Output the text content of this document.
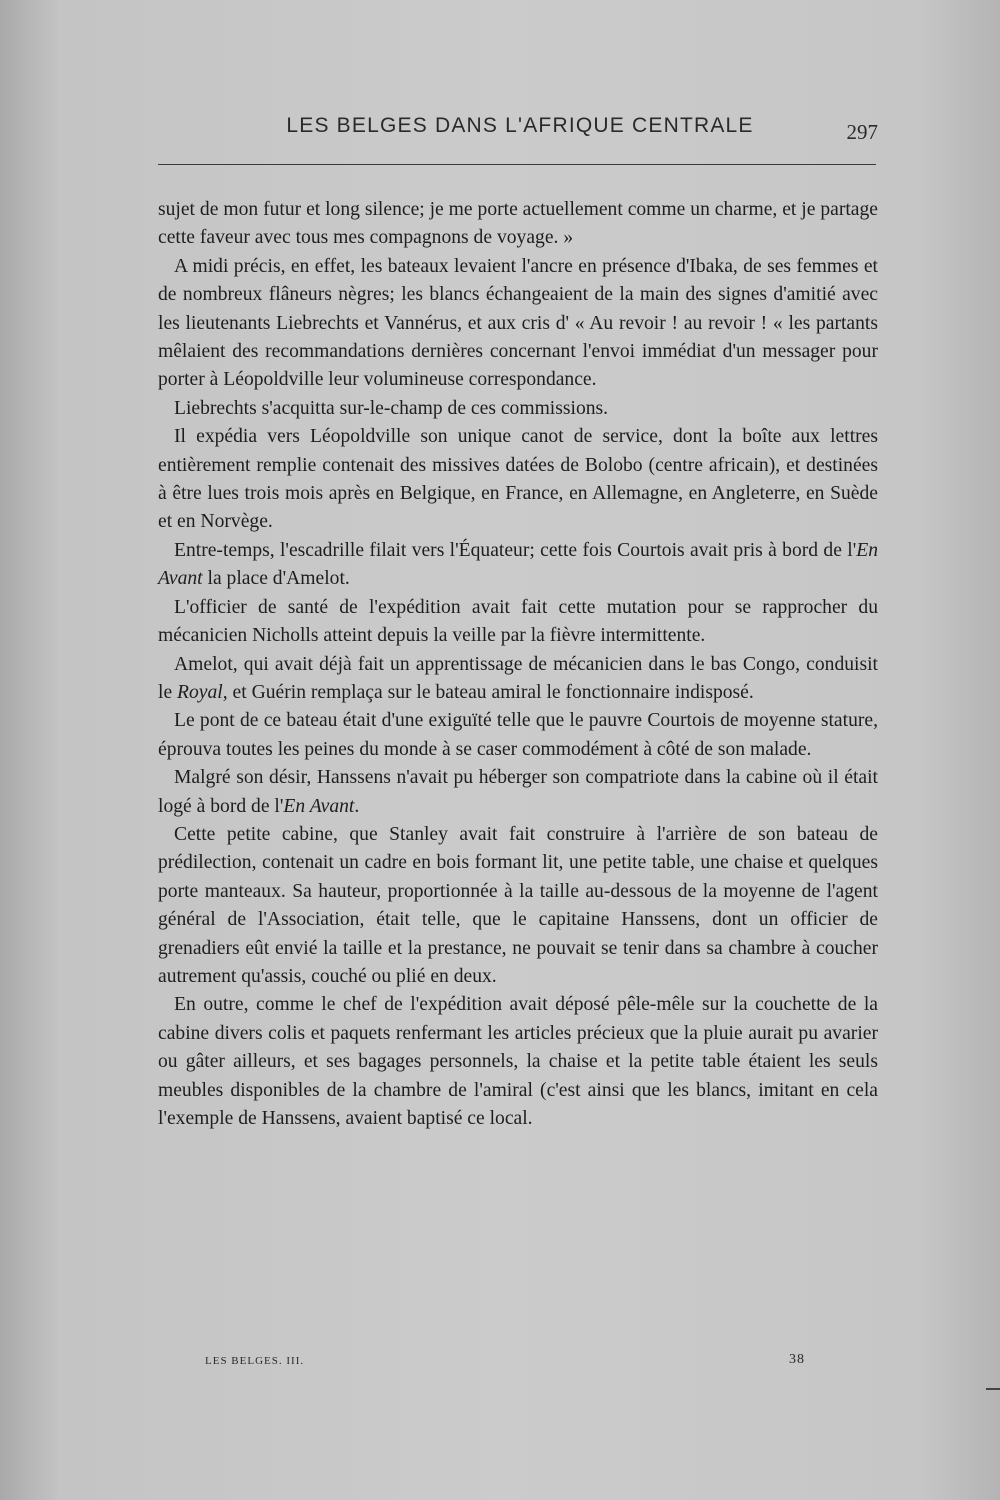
LES BELGES DANS L'AFRIQUE CENTRALE	297

sujet de mon futur et long silence; je me porte actuellement comme un charme, et je partage cette faveur avec tous mes compagnons de voyage. »

A midi précis, en effet, les bateaux levaient l'ancre en présence d'Ibaka, de ses femmes et de nombreux flâneurs nègres; les blancs échangeaient de la main des signes d'amitié avec les lieutenants Liebrechts et Vannérus, et aux cris d' « Au revoir ! au revoir ! « les partants mêlaient des recommandations dernières concernant l'envoi immédiat d'un messager pour porter à Léopoldville leur volumineuse correspondance.

Liebrechts s'acquitta sur-le-champ de ces commissions.

Il expédia vers Léopoldville son unique canot de service, dont la boîte aux lettres entièrement remplie contenait des missives datées de Bolobo (centre africain), et destinées à être lues trois mois après en Belgique, en France, en Allemagne, en Angleterre, en Suède et en Norvège.

Entre-temps, l'escadrille filait vers l'Équateur; cette fois Courtois avait pris à bord de l'En Avant la place d'Amelot.

L'officier de santé de l'expédition avait fait cette mutation pour se rapprocher du mécanicien Nicholls atteint depuis la veille par la fièvre intermittente.

Amelot, qui avait déjà fait un apprentissage de mécanicien dans le bas Congo, conduisit le Royal, et Guérin remplaça sur le bateau amiral le fonctionnaire indisposé.

Le pont de ce bateau était d'une exiguïté telle que le pauvre Courtois de moyenne stature, éprouva toutes les peines du monde à se caser commodément à côté de son malade.

Malgré son désir, Hanssens n'avait pu héberger son compatriote dans la cabine où il était logé à bord de l'En Avant.

Cette petite cabine, que Stanley avait fait construire à l'arrière de son bateau de prédilection, contenait un cadre en bois formant lit, une petite table, une chaise et quelques porte manteaux. Sa hauteur, proportionnée à la taille au-dessous de la moyenne de l'agent général de l'Association, était telle, que le capitaine Hanssens, dont un officier de grenadiers eût envié la taille et la prestance, ne pouvait se tenir dans sa chambre à coucher autrement qu'assis, couché ou plié en deux.

En outre, comme le chef de l'expédition avait déposé pêle-mêle sur la couchette de la cabine divers colis et paquets renfermant les articles précieux que la pluie aurait pu avarier ou gâter ailleurs, et ses bagages personnels, la chaise et la petite table étaient les seuls meubles disponibles de la chambre de l'amiral (c'est ainsi que les blancs, imitant en cela l'exemple de Hanssens, avaient baptisé ce local.

LES BELGES. III.	38
